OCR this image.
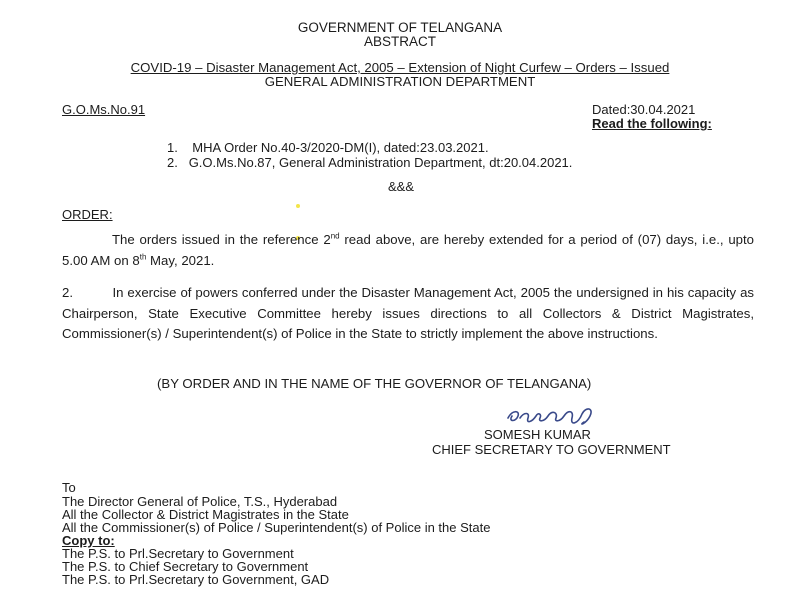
GOVERNMENT OF TELANGANA
ABSTRACT
COVID-19 – Disaster Management Act, 2005 – Extension of Night Curfew – Orders – Issued
GENERAL ADMINISTRATION DEPARTMENT
G.O.Ms.No.91	Dated:30.04.2021
Read the following:
1. MHA Order No.40-3/2020-DM(I), dated:23.03.2021.
2. G.O.Ms.No.87, General Administration Department, dt:20.04.2021.
&&&
ORDER:
The orders issued in the reference 2nd read above, are hereby extended for a period of (07) days, i.e., upto 5.00 AM on 8th May, 2021.
2.	In exercise of powers conferred under the Disaster Management Act, 2005 the undersigned in his capacity as Chairperson, State Executive Committee hereby issues directions to all Collectors & District Magistrates, Commissioner(s) / Superintendent(s) of Police in the State to strictly implement the above instructions.
(BY ORDER AND IN THE NAME OF THE GOVERNOR OF TELANGANA)
SOMESH KUMAR
CHIEF SECRETARY TO GOVERNMENT
To
The Director General of Police, T.S., Hyderabad
All the Collector & District Magistrates in the State
All the Commissioner(s) of Police / Superintendent(s) of Police in the State
Copy to:
The P.S. to Prl.Secretary to Government
The P.S. to Chief Secretary to Government
The P.S. to Prl.Secretary to Government, GAD
